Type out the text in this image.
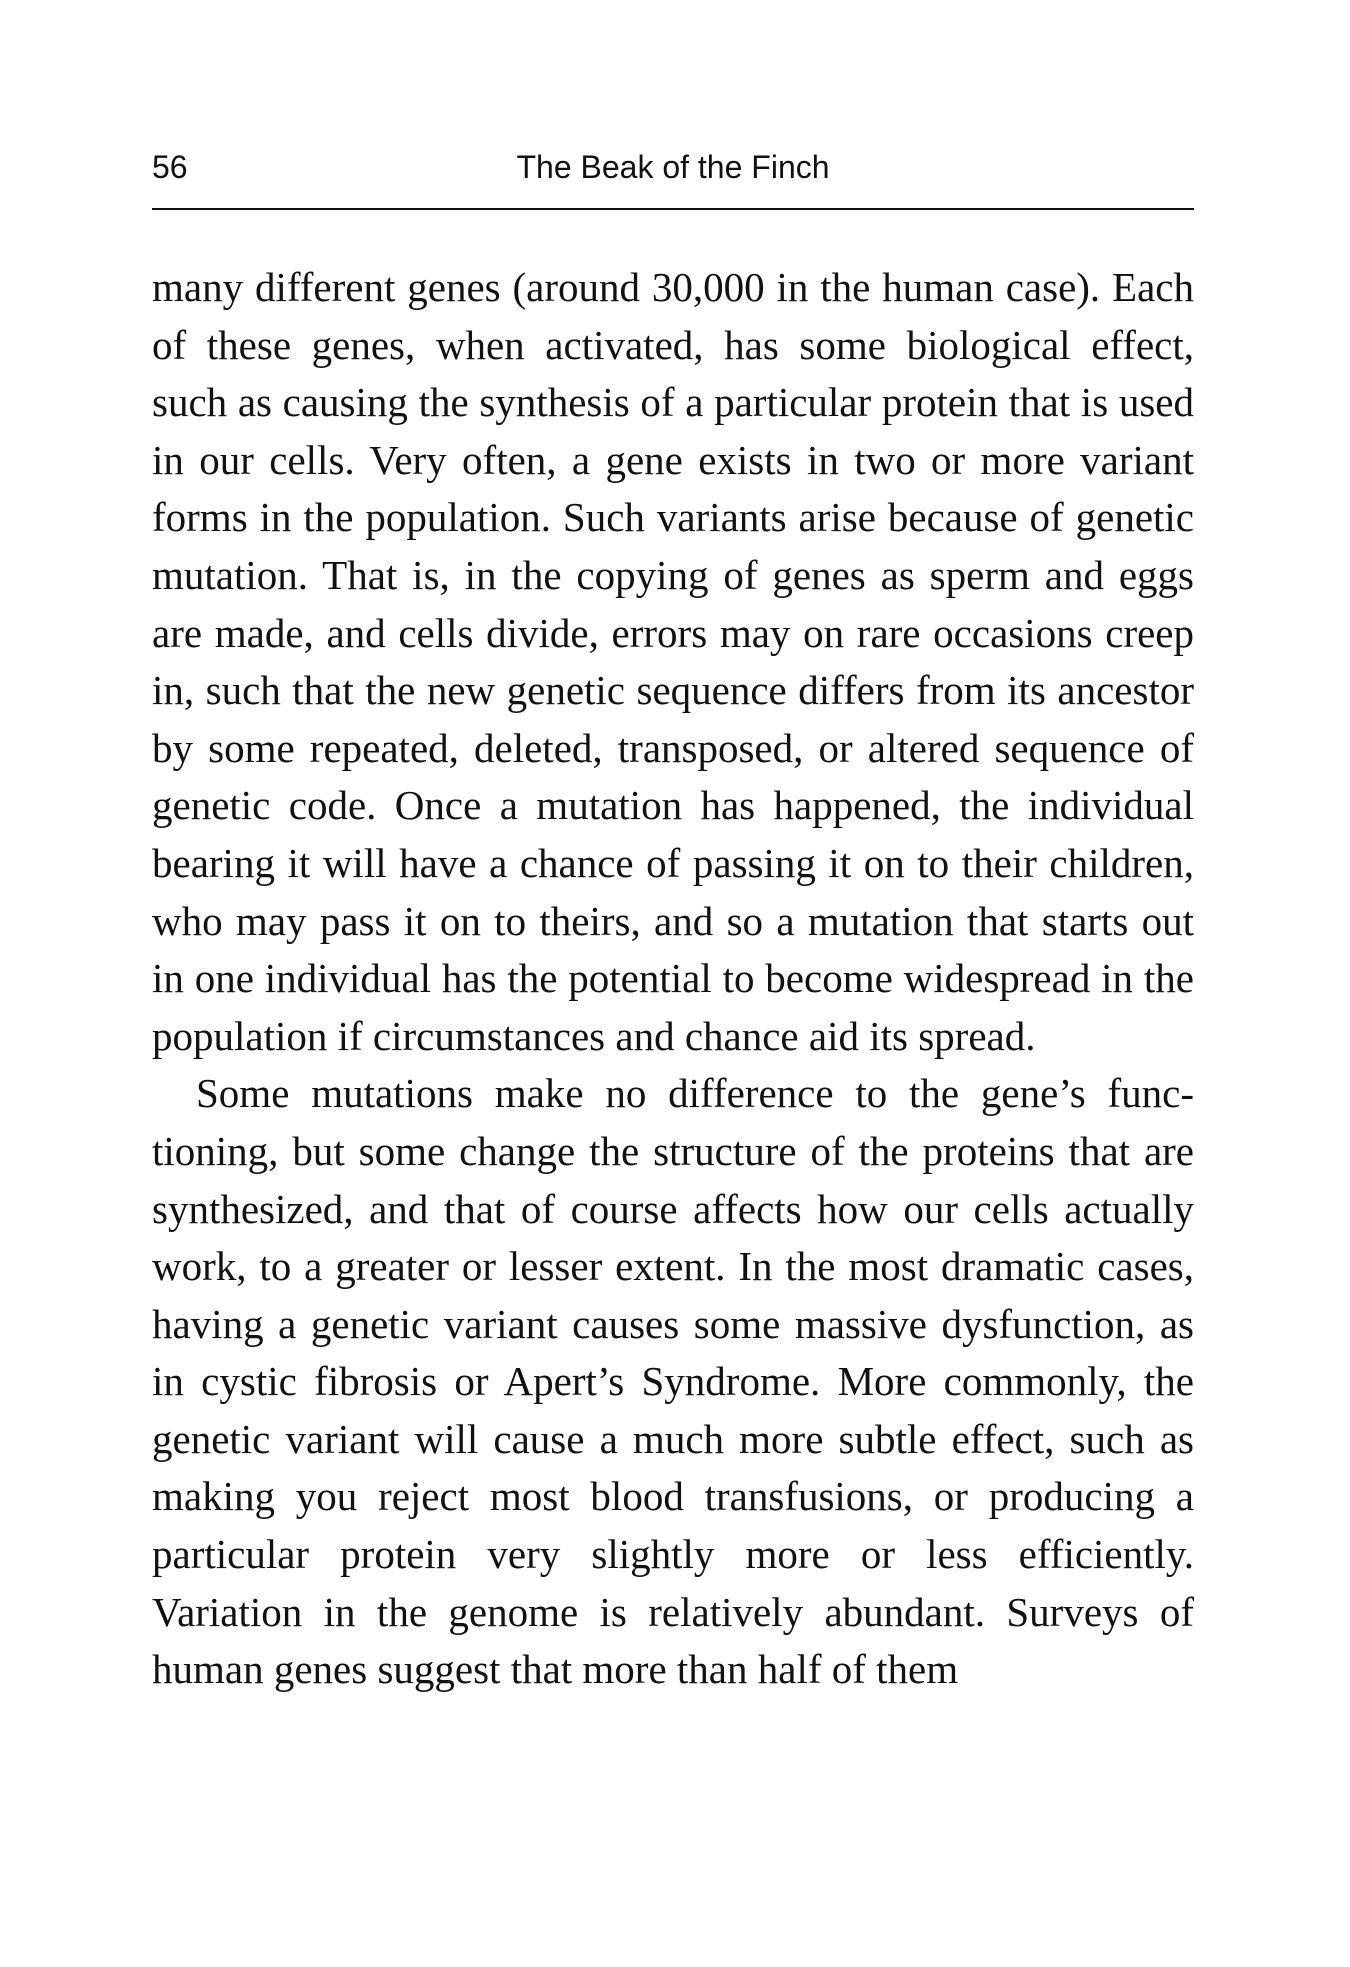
56	The Beak of the Finch

many different genes (around 30,000 in the human case). Each of these genes, when activated, has some biological effect, such as causing the synthesis of a particular protein that is used in our cells. Very often, a gene exists in two or more variant forms in the population. Such variants arise because of genetic mutation. That is, in the copying of genes as sperm and eggs are made, and cells divide, errors may on rare occasions creep in, such that the new genetic sequence differs from its ancestor by some repeated, deleted, transposed, or altered sequence of genetic code. Once a mutation has happened, the individual bearing it will have a chance of passing it on to their children, who may pass it on to theirs, and so a mutation that starts out in one individual has the potential to become widespread in the population if circumstances and chance aid its spread.

Some mutations make no difference to the gene’s functioning, but some change the structure of the proteins that are synthesized, and that of course affects how our cells actually work, to a greater or lesser extent. In the most dramatic cases, having a genetic variant causes some massive dysfunction, as in cystic fibrosis or Apert’s Syndrome. More commonly, the genetic variant will cause a much more subtle effect, such as making you reject most blood transfusions, or producing a particular protein very slightly more or less efficiently. Variation in the genome is relatively abundant. Surveys of human genes suggest that more than half of them
